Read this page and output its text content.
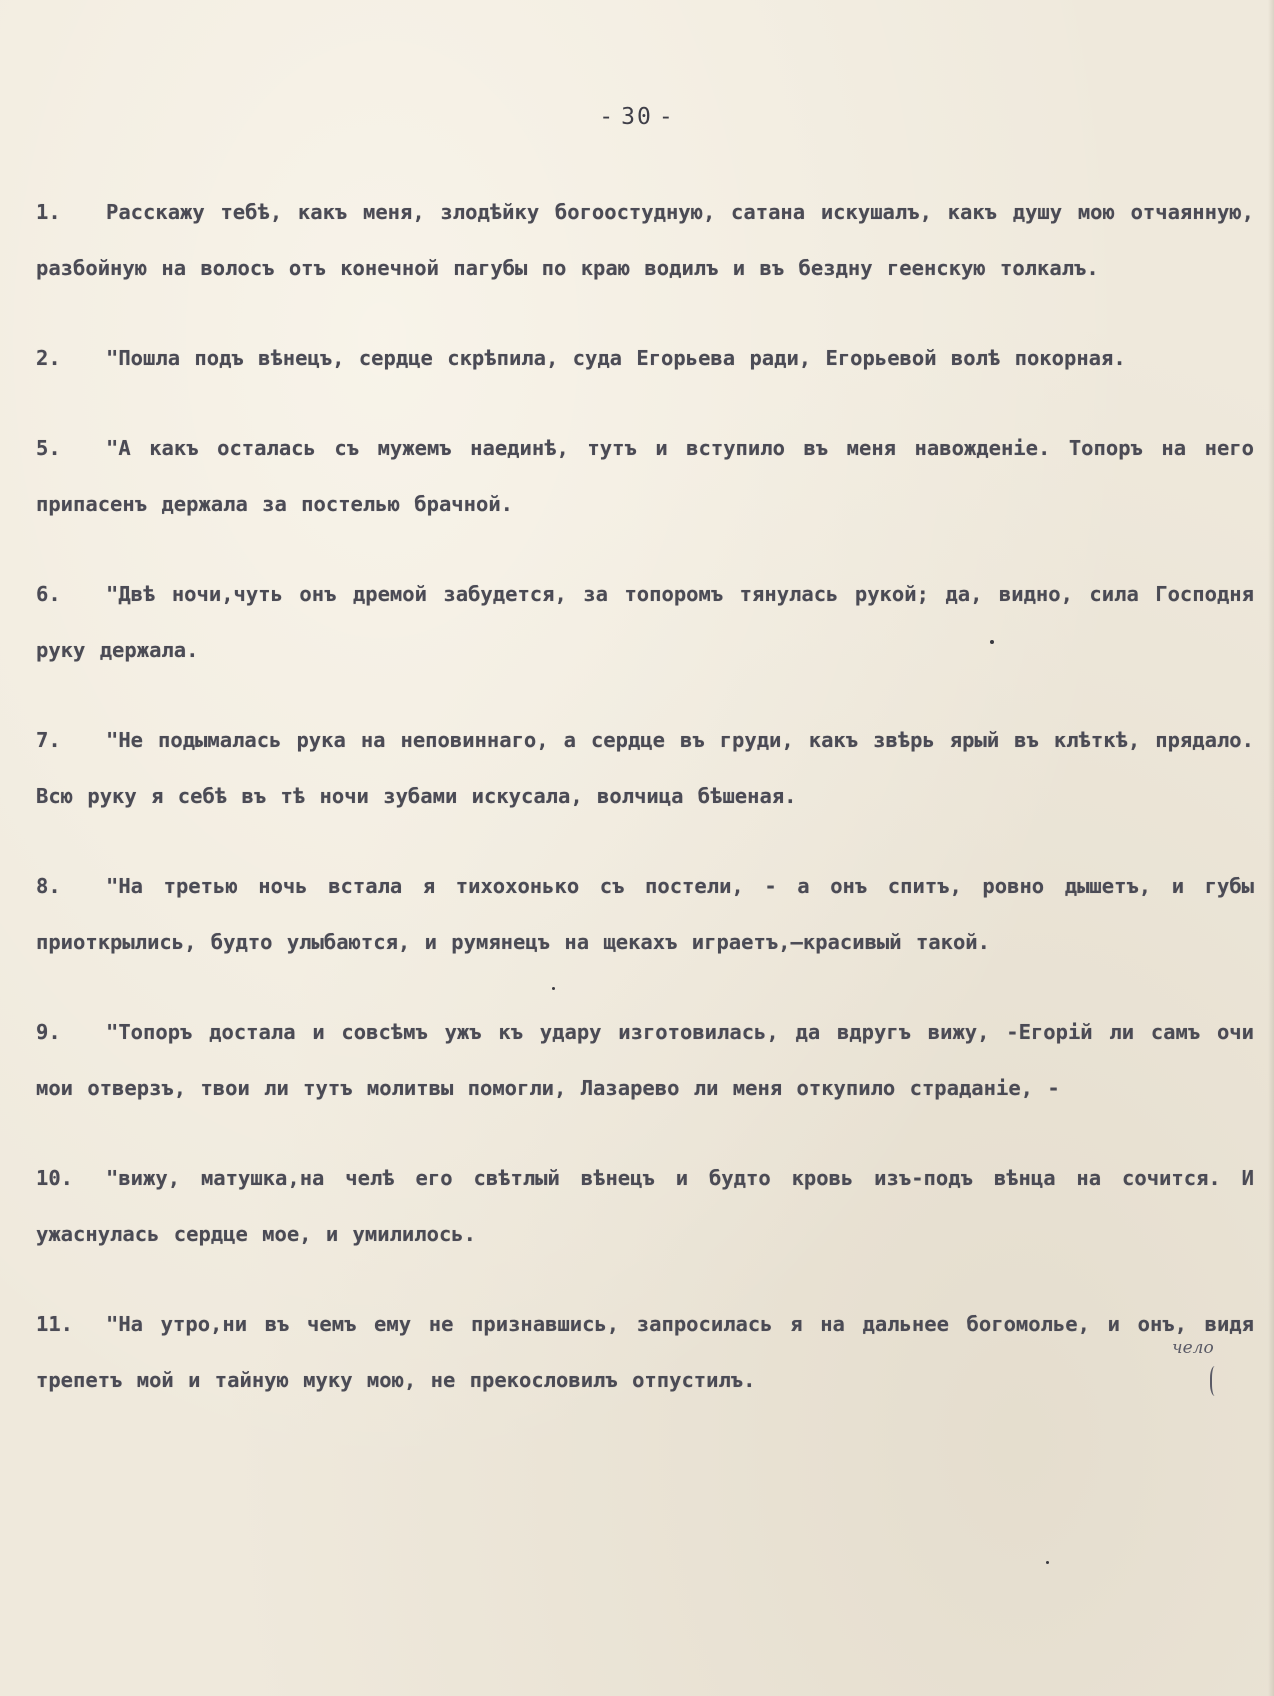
- 30 -

1. Расскажу тебѣ, какъ меня, злодѣйку богоостудную, сатана искушалъ, какъ душу мою отчаянную, разбойную на волосъ отъ конечной пагубы по краю водилъ и въ бездну геенскую толкалъ.

2. "Пошла подъ вѣнецъ, сердце скрѣпила, суда Егорьева ради, Егорьевой волѣ покорная.

5. "А какъ осталась съ мужемъ наединѣ, тутъ и вступило въ меня навожденіе. Топоръ на него припасенъ держала за постелью брачной.

6. "Двѣ ночи,чуть онъ дремой забудется, за топоромъ тянулась рукой; да, видно, сила Господня руку держала.

7. "Не подымалась рука на неповиннаго, а сердце въ груди, какъ звѣрь ярый въ клѣткѣ, прядало. Всю руку я себѣ въ тѣ ночи зубами искусала, волчица бѣшеная.

8. "На третью ночь встала я тихохонько съ постели, - а онъ спитъ, ровно дышетъ, и губы приоткрылись, будто улыбаются, и румянецъ на щекахъ играетъ,—красивый такой.

9. "Топоръ достала и совсѣмъ ужъ къ удару изготовилась, да вдругъ вижу, -Егорій ли самъ очи мои отверзъ, твои ли тутъ молитвы помогли, Лазарево ли меня откупило страданіе, -

10. "вижу, матушка,на челѣ его свѣтлый вѣнецъ и будто кровь изъ-подъ вѣнца на сочится. И ужаснулась сердце мое, и умилилось.

11. "На утро,ни въ чемъ ему не признавшись, запросилась я на дальнее богомолье, и онъ, видя трепетъ мой и тайную муку мою, не прекословилъ отпустилъ.

чело
